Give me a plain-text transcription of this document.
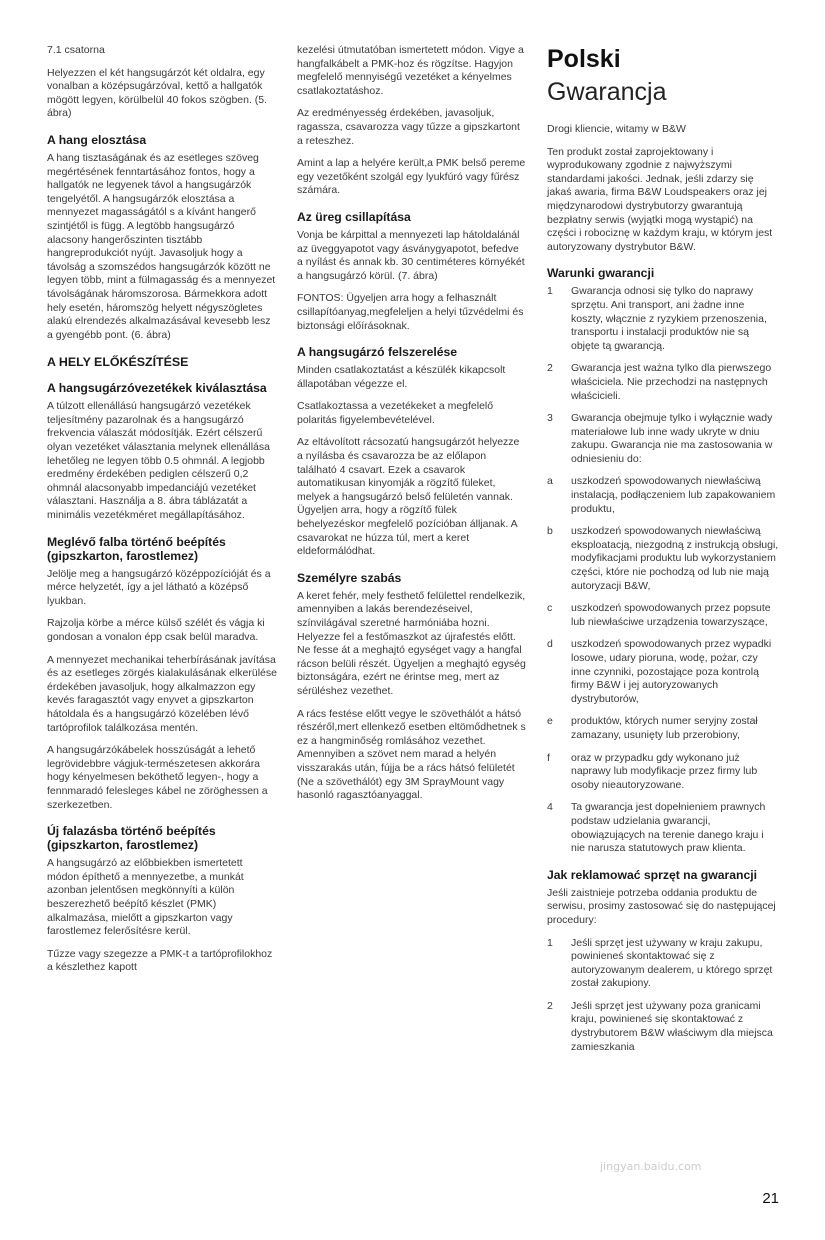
7.1 csatorna

Helyezzen el két hangsugárzót két oldalra, egy vonalban a középsugárzóval, kettő a hallgatók mögött legyen, körülbelül 40 fokos szögben. (5. ábra)

A hang elosztása

A hang tisztaságának és az esetleges szöveg megértésének fenntartásához fontos, hogy a hallgatók ne legyenek távol a hangsugárzók tengelyétől. A hangsugárzók elosztása a mennyezet magasságától s a kívánt hangerő szintjétől is függ. A legtöbb hangsugárzó alacsony hangerőszinten tisztább hangreprodukciót nyújt. Javasoljuk hogy a távolság a szomszédos hangsugárzók között ne legyen több, mint a fülmagasság és a mennyezet távolságának háromszorosa. Bármekkora adott hely esetén, háromszög helyett négyszögletes alakú elrendezés alkalmazásával kevesebb lesz a gyengébb pont. (6. ábra)

A HELY ELŐKÉSZÍTÉSE
A hangsugárzóvezetékek kiválasztása

A túlzott ellenállású hangsugárzó vezetékek teljesítmény pazarolnak és a hangsugárzó frekvencia válaszát módosítják. Ezért célszerű olyan vezetéket választania melynek ellenállása lehetőleg ne legyen több 0.5 ohmnál. A legjobb eredmény érdekében pediglen célszerű 0,2 ohmnál alacsonyabb impedanciájú vezetéket választani. Használja a 8. ábra táblázatát a minimális vezetékméret megállapításához.

Meglévő falba történő beépítés (gipszkarton, farostlemez)

Jelölje meg a hangsugárzó középpozícióját és a mérce helyzetét, így a jel látható a középső lyukban.

Rajzolja körbe a mérce külső szélét és vágja ki gondosan a vonalon épp csak belül maradva.

A mennyezet mechanikai teherbírásának javítása és az esetleges zörgés kialakulásának elkerülése érdekében javasoljuk, hogy alkalmazzon egy kevés faragasztót vagy enyvet a gipszkarton hátoldala és a hangsugárzó közelében lévő tartóprofilok találkozása mentén.

A hangsugárzókábelek hosszúságát a lehető legrövidebbre vágjuk-természetesen akkorára hogy kényelmesen beköthető legyen-, hogy a fennmaradó felesleges kábel ne zöröghessen a szerkezetben.

Új falazásba történő beépítés (gipszkarton, farostlemez)

A hangsugárzó az előbbiekben ismertetett módon építhető a mennyezetbe, a munkát azonban jelentősen megkönnyíti a külön beszerezhető beépítő készlet (PMK) alkalmazása, mielőtt a gipszkarton vagy farostlemez felerősítésre kerül.

Tűzze vagy szegezze a PMK-t a tartóprofilokhoz a készlethez kapott

kezelési útmutatóban ismertetett módon. Vigye a hangfalkábelt a PMK-hoz és rögzítse. Hagyjon megfelelő mennyiségű vezetéket a kényelmes csatlakoztatáshoz.

Az eredményesség érdekében, javasoljuk, ragassza, csavarozza vagy tűzze a gipszkartont a reteszhez.

Amint a lap a helyére került,a PMK belső pereme egy vezetőként szolgál egy lyukfúró vagy fűrész számára.

Az üreg csillapítása

Vonja be kárpittal a mennyezeti lap hátoldalánál az üveggyapotot vagy ásványgyapotot, befedve a nyílást és annak kb. 30 centiméteres környékét a hangsugárzó körül. (7. ábra)

FONTOS: Ügyeljen arra hogy a felhasznált csillapítóanyag,megfeleljen a helyi tűzvédelmi és biztonsági előírásoknak.

A hangsugárzó felszerelése

Minden csatlakoztatást a készülék kikapcsolt állapotában végezze el.

Csatlakoztassa a vezetékeket a megfelelő polaritás figyelembevételével.

Az eltávolított rácsozatú hangsugárzót helyezze a nyílásba és csavarozza be az előlapon található 4 csavart. Ezek a csavarok automatikusan kinyomják a rögzítő füleket, melyek a hangsugárzó belső felületén vannak. Ügyeljen arra, hogy a rögzítő fülek behelyezéskor megfelelő pozícióban álljanak. A csavarokat ne húzza túl, mert a keret eldeformálódhat.

Személyre szabás

A keret fehér, mely festhető felülettel rendelkezik, amennyiben a lakás berendezéseivel, színvilágával szeretné harmóniába hozni. Helyezze fel a festőmaszkot az újrafestés előtt. Ne fesse át a meghajtó egységet vagy a hangfal rácson belüli részét. Ügyeljen a meghajtó egység biztonságára, ezért ne érintse meg, mert az sérüléshez vezethet.

A rács festése előtt vegye le szövethálót a hátsó részéről,mert ellenkező esetben eltömődhetnek s ez a hangminőség romlásához vezethet. Amennyiben a szövet nem marad a helyén visszarakás után, fújja be a rács hátsó felületét (Ne a szövethálót) egy 3M SprayMount vagy hasonló ragasztóanyaggal.

Polski
Gwarancja

Drogi kliencie, witamy w B&W

Ten produkt został zaprojektowany i wyprodukowany zgodnie z najwyższymi standardami jakości. Jednak, jeśli zdarzy się jakaś awaria, firma B&W Loudspeakers oraz jej międzynarodowi dystrybutorzy gwarantują bezpłatny serwis (wyjątki mogą wystąpić) na części i robociznę w każdym kraju, w którym jest autoryzowany dystrybutor B&W.

Warunki gwarancji
1	Gwarancja odnosi się tylko do naprawy sprzętu. Ani transport, ani żadne inne koszty, włącznie z ryzykiem przenoszenia, transportu i instalacji produktów nie są objęte tą gwarancją.
2	Gwarancja jest ważna tylko dla pierwszego właściciela. Nie przechodzi na następnych właścicieli.
3	Gwarancja obejmuje tylko i wyłącznie wady materiałowe lub inne wady ukryte w dniu zakupu. Gwarancja nie ma zastosowania w odniesieniu do:
a	uszkodzeń spowodowanych niewłaściwą instalacją, podłączeniem lub zapakowaniem produktu,
b	uszkodzeń spowodowanych niewłaściwą eksploatacją, niezgodną z instrukcją obsługi, modyfikacjami produktu lub wykorzystaniem części, które nie pochodzą od lub nie mają autoryzacji B&W,
c	uszkodzeń spowodowanych przez popsute lub niewłaściwe urządzenia towarzyszące,
d	uszkodzeń spowodowanych przez wypadki losowe, udary pioruna, wodę, pożar, czy inne czynniki, pozostające poza kontrolą firmy B&W i jej autoryzowanych dystrybutorów,
e	produktów, których numer seryjny został zamazany, usunięty lub przerobiony,
f	oraz w przypadku gdy wykonano już naprawy lub modyfikacje przez firmy lub osoby nieautoryzowane.
4	Ta gwarancja jest dopełnieniem prawnych podstaw udzielania gwarancji, obowiązujących na terenie danego kraju i nie narusza statutowych praw klienta.
Jak reklamować sprzęt na gwarancji

Jeśli zaistnieje potrzeba oddania produktu de serwisu, prosimy zastosować się do następującej procedury:

1	Jeśli sprzęt jest używany w kraju zakupu, powinieneś skontaktować się z autoryzowanym dealerem, u którego sprzęt został zakupiony.
2	Jeśli sprzęt jest używany poza granicami kraju, powinieneś się skontaktować z dystrybutorem B&W właściwym dla miejsca zamieszkania
jingyan.baidu.com
21
